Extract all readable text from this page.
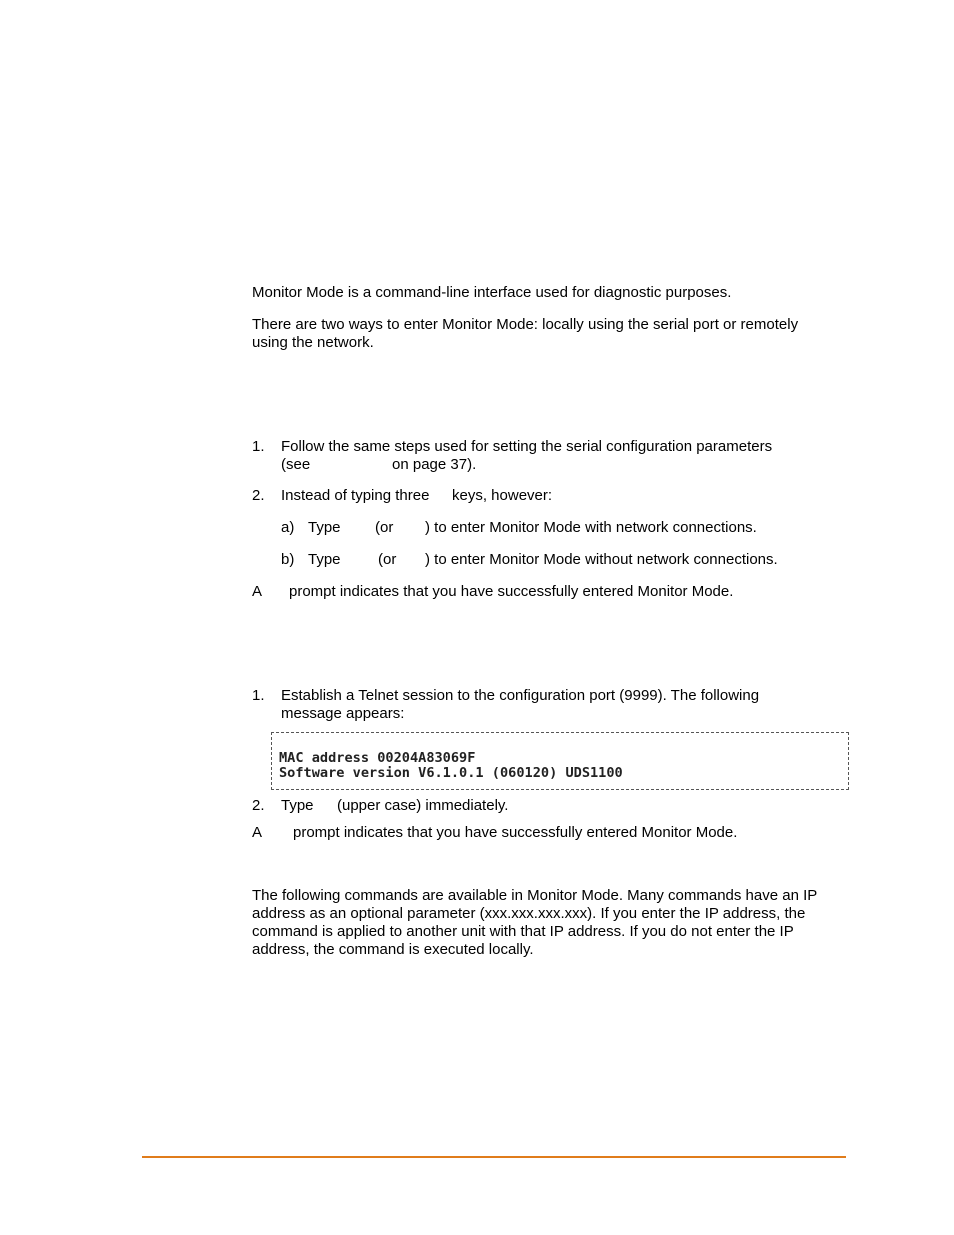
Monitor Mode is a command-line interface used for diagnostic purposes.
There are two ways to enter Monitor Mode: locally using the serial port or remotely
using the network.
1. Follow the same steps used for setting the serial configuration parameters
(see	on page 37).
2. Instead of typing three keys, however:
a) Type (or ) to enter Monitor Mode with network connections.
b) Type (or ) to enter Monitor Mode without network connections.
A prompt indicates that you have successfully entered Monitor Mode.
1. Establish a Telnet session to the configuration port (9999). The following
message appears:
MAC address 00204A83069F
Software version V6.1.0.1 (060120) UDS1100
2. Type (upper case) immediately.
A prompt indicates that you have successfully entered Monitor Mode.
The following commands are available in Monitor Mode. Many commands have an IP
address as an optional parameter (xxx.xxx.xxx.xxx). If you enter the IP address, the
command is applied to another unit with that IP address. If you do not enter the IP
address, the command is executed locally.
